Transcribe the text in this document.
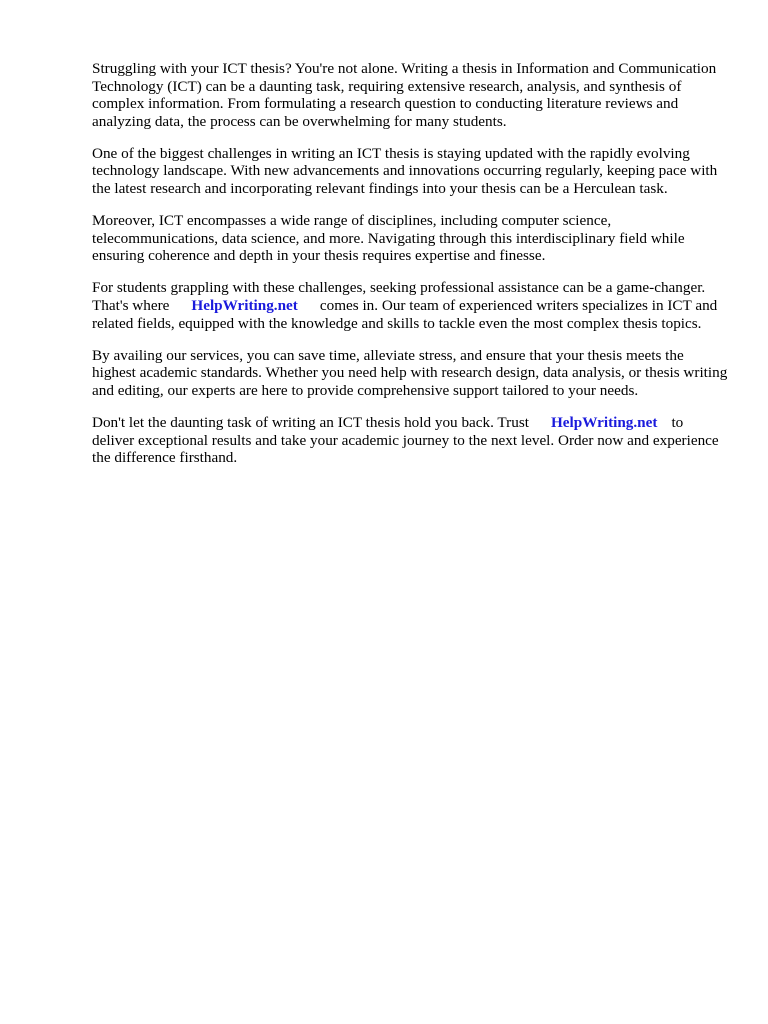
Struggling with your ICT thesis? You're not alone. Writing a thesis in Information and Communication Technology (ICT) can be a daunting task, requiring extensive research, analysis, and synthesis of complex information. From formulating a research question to conducting literature reviews and analyzing data, the process can be overwhelming for many students.

One of the biggest challenges in writing an ICT thesis is staying updated with the rapidly evolving technology landscape. With new advancements and innovations occurring regularly, keeping pace with the latest research and incorporating relevant findings into your thesis can be a Herculean task.

Moreover, ICT encompasses a wide range of disciplines, including computer science, telecommunications, data science, and more. Navigating through this interdisciplinary field while ensuring coherence and depth in your thesis requires expertise and finesse.

For students grappling with these challenges, seeking professional assistance can be a game-changer. That's where HelpWriting.net comes in. Our team of experienced writers specializes in ICT and related fields, equipped with the knowledge and skills to tackle even the most complex thesis topics.

By availing our services, you can save time, alleviate stress, and ensure that your thesis meets the highest academic standards. Whether you need help with research design, data analysis, or thesis writing and editing, our experts are here to provide comprehensive support tailored to your needs.

Don't let the daunting task of writing an ICT thesis hold you back. Trust HelpWriting.net to deliver exceptional results and take your academic journey to the next level. Order now and experience the difference firsthand.
